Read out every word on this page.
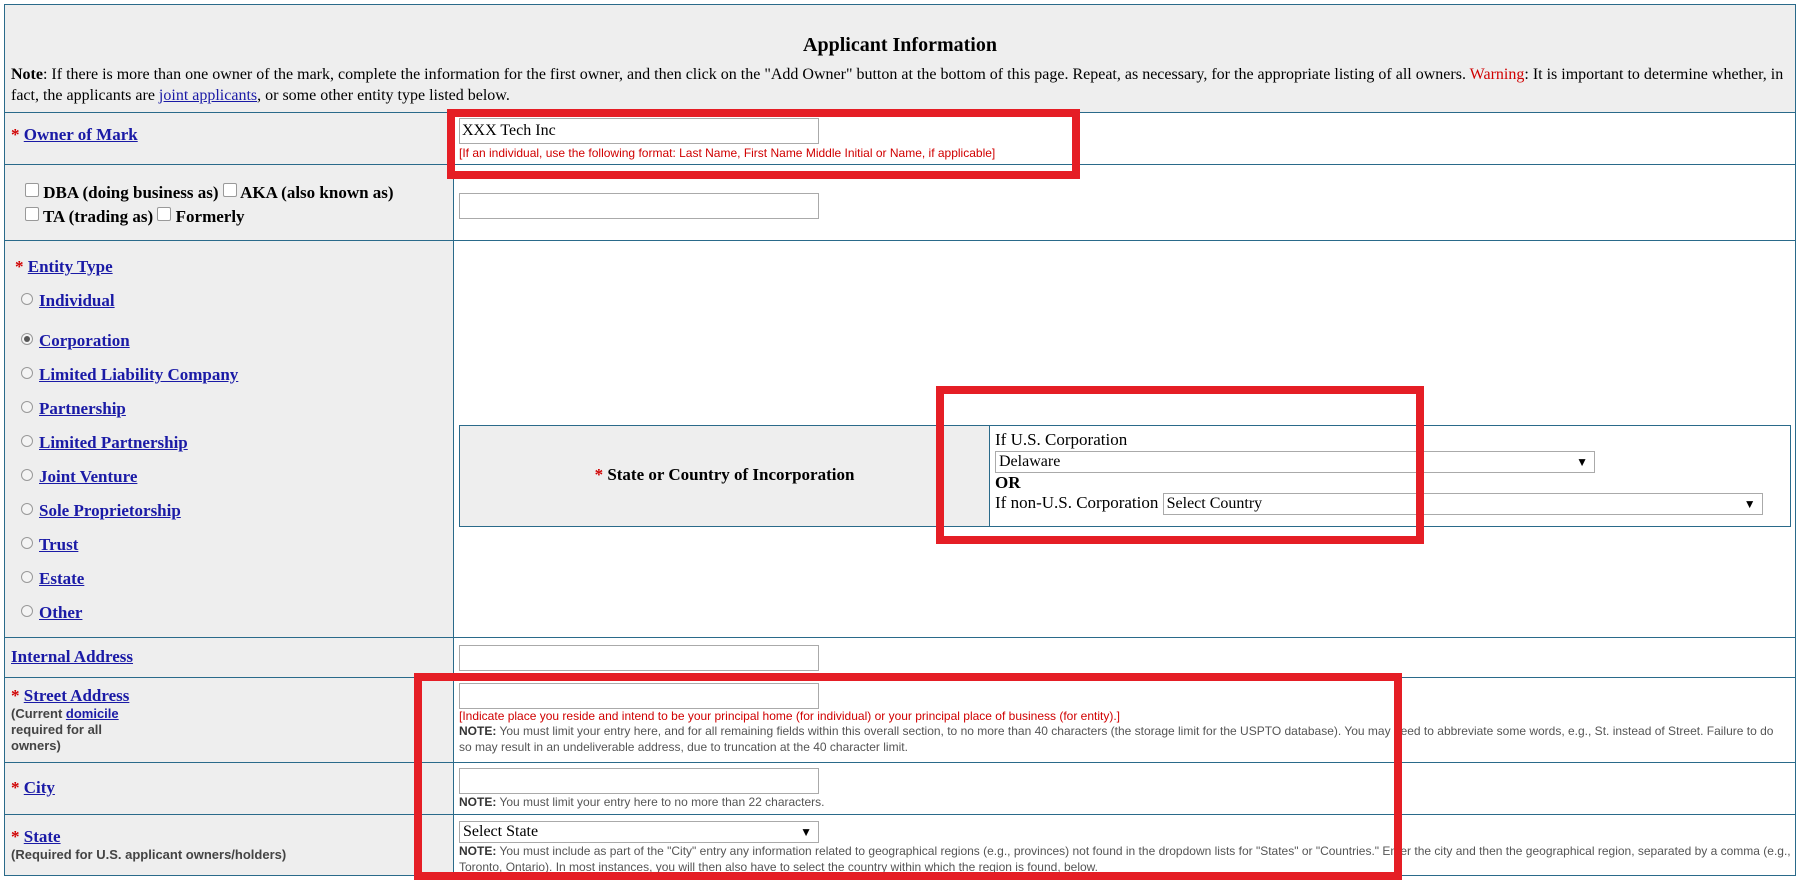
Applicant Information
Note: If there is more than one owner of the mark, complete the information for the first owner, and then click on the "Add Owner" button at the bottom of this page. Repeat, as necessary, for the appropriate listing of all owners. Warning: It is important to determine whether, in fact, the applicants are joint applicants, or some other entity type listed below.
* Owner of Mark
XXX Tech Inc
[If an individual, use the following format: Last Name, First Name Middle Initial or Name, if applicable]
DBA (doing business as) AKA (also known as)
TA (trading as) Formerly
* Entity Type
Individual
Corporation
Limited Liability Company
Partnership
Limited Partnership
Joint Venture
Sole Proprietorship
Trust
Estate
Other
* State or Country of Incorporation
If U.S. Corporation
Delaware	▼
OR
If non-U.S. Corporation Select Country	▼
Internal Address
* Street Address
(Current domicile
required for all
owners)
[Indicate place you reside and intend to be your principal home (for individual) or your principal place of business (for entity).]
NOTE: You must limit your entry here, and for all remaining fields within this overall section, to no more than 40 characters (the storage limit for the USPTO database). You may need to abbreviate some words, e.g., St. instead of Street. Failure to do so may result in an undeliverable address, due to truncation at the 40 character limit.
* City
NOTE: You must limit your entry here to no more than 22 characters.
* State
(Required for U.S. applicant owners/holders)
Select State	▼
NOTE: You must include as part of the "City" entry any information related to geographical regions (e.g., provinces) not found in the dropdown lists for "States" or "Countries." Enter the city and then the geographical region, separated by a comma (e.g., Toronto, Ontario). In most instances, you will then also have to select the country within which the region is found, below.
